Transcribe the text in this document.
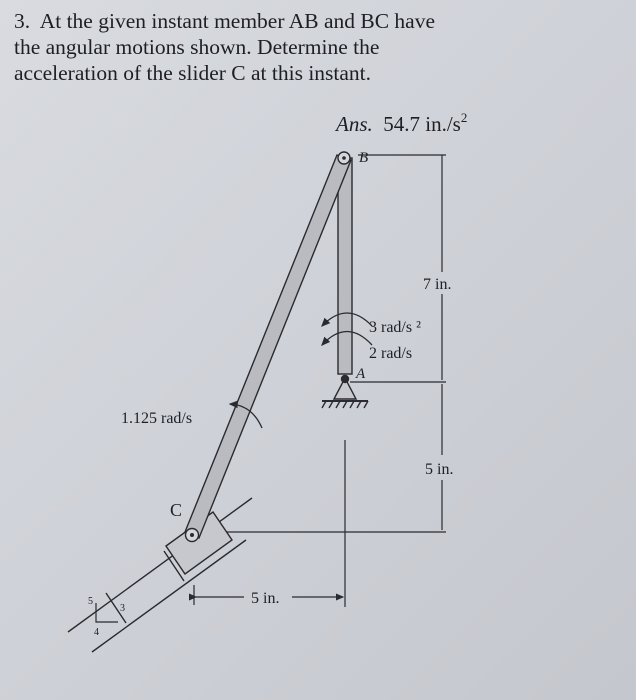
3. At the given instant member AB and BC have
the angular motions shown. Determine the
acceleration of the slider C at this instant.
Ans. 54.7 $in./s^2$
B
A
C
7 in.
5 in.
5 in.
3 rad/s ²
2 rad/s
1.125 rad/s
5
3
4
